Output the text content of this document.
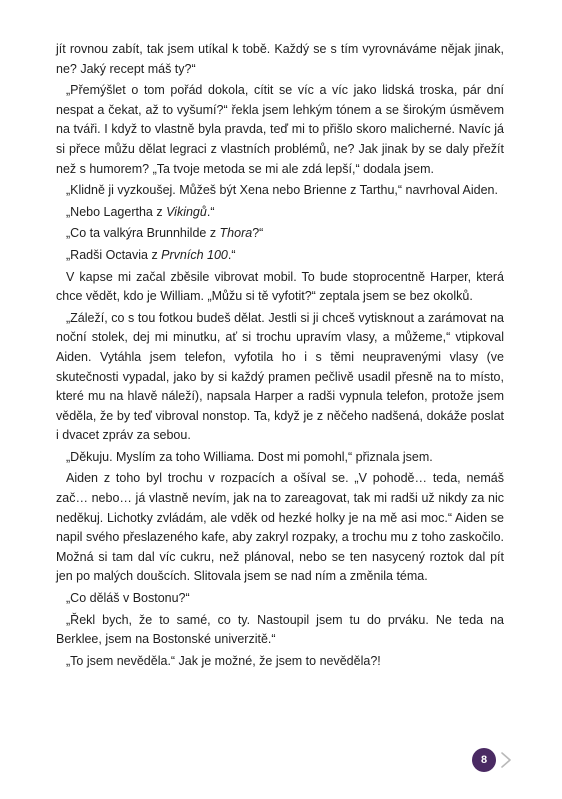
jít rovnou zabít, tak jsem utíkal k tobě. Každý se s tím vyrovnáváme nějak jinak, ne? Jaký recept máš ty?“

„Přemýšlet o tom pořád dokola, cítit se víc a víc jako lidská troska, pár dní nespat a čekat, až to vyšumí?“ řekla jsem lehkým tónem a se širokým úsměvem na tváři. I když to vlastně byla pravda, teď mi to přišlo skoro malicherné. Navíc já si přece můžu dělat legraci z vlastních problémů, ne? Jak jinak by se daly přežít než s humorem? „Ta tvoje metoda se mi ale zdá lepší,“ dodala jsem.

„Klidně ji vyzkoušej. Můžeš být Xena nebo Brienne z Tarthu,“ navrhoval Aiden.

„Nebo Lagertha z Vikingů.“

„Co ta valkýra Brunnhilde z Thora?“

„Radši Octavia z Prvních 100.“

V kapse mi začal zběsile vibrovat mobil. To bude stoprocentně Harper, která chce vědět, kdo je William. „Můžu si tě vyfotit?“ zeptala jsem se bez okolků.

„Záleží, co s tou fotkou budeš dělat. Jestli si ji chceš vytisknout a zarámovat na noční stolek, dej mi minutku, ať si trochu upravím vlasy, a můžeme,“ vtipkoval Aiden. Vytáhla jsem telefon, vyfotila ho i s těmi neupravenými vlasy (ve skutečnosti vypadal, jako by si každý pramen pečlivě usadil přesně na to místo, které mu na hlavě náleží), napsala Harper a radši vypnula telefon, protože jsem věděla, že by teď vibroval nonstop. Ta, když je z něčeho nadšená, dokáže poslat i dvacet zpráv za sebou.

„Děkuju. Myslím za toho Williama. Dost mi pomohl,“ přiznala jsem.

Aiden z toho byl trochu v rozpacích a ošíval se. „V pohodě… teda, nemáš zač… nebo… já vlastně nevím, jak na to zareagovat, tak mi radši už nikdy za nic neděkuj. Lichotky zvládám, ale vděk od hezké holky je na mě asi moc.“ Aiden se napil svého přeslazeného kafe, aby zakryl rozpaky, a trochu mu z toho zaskočilo. Možná si tam dal víc cukru, než plánoval, nebo se ten nasycený roztok dal pít jen po malých doušcích. Slitovala jsem se nad ním a změnila téma.

„Co děláš v Bostonu?“

„Řekl bych, že to samé, co ty. Nastoupil jsem tu do prváku. Ne teda na Berklee, jsem na Bostonské univerzitě.“

„To jsem nevěděla.“ Jak je možné, že jsem to nevěděla?!

8
